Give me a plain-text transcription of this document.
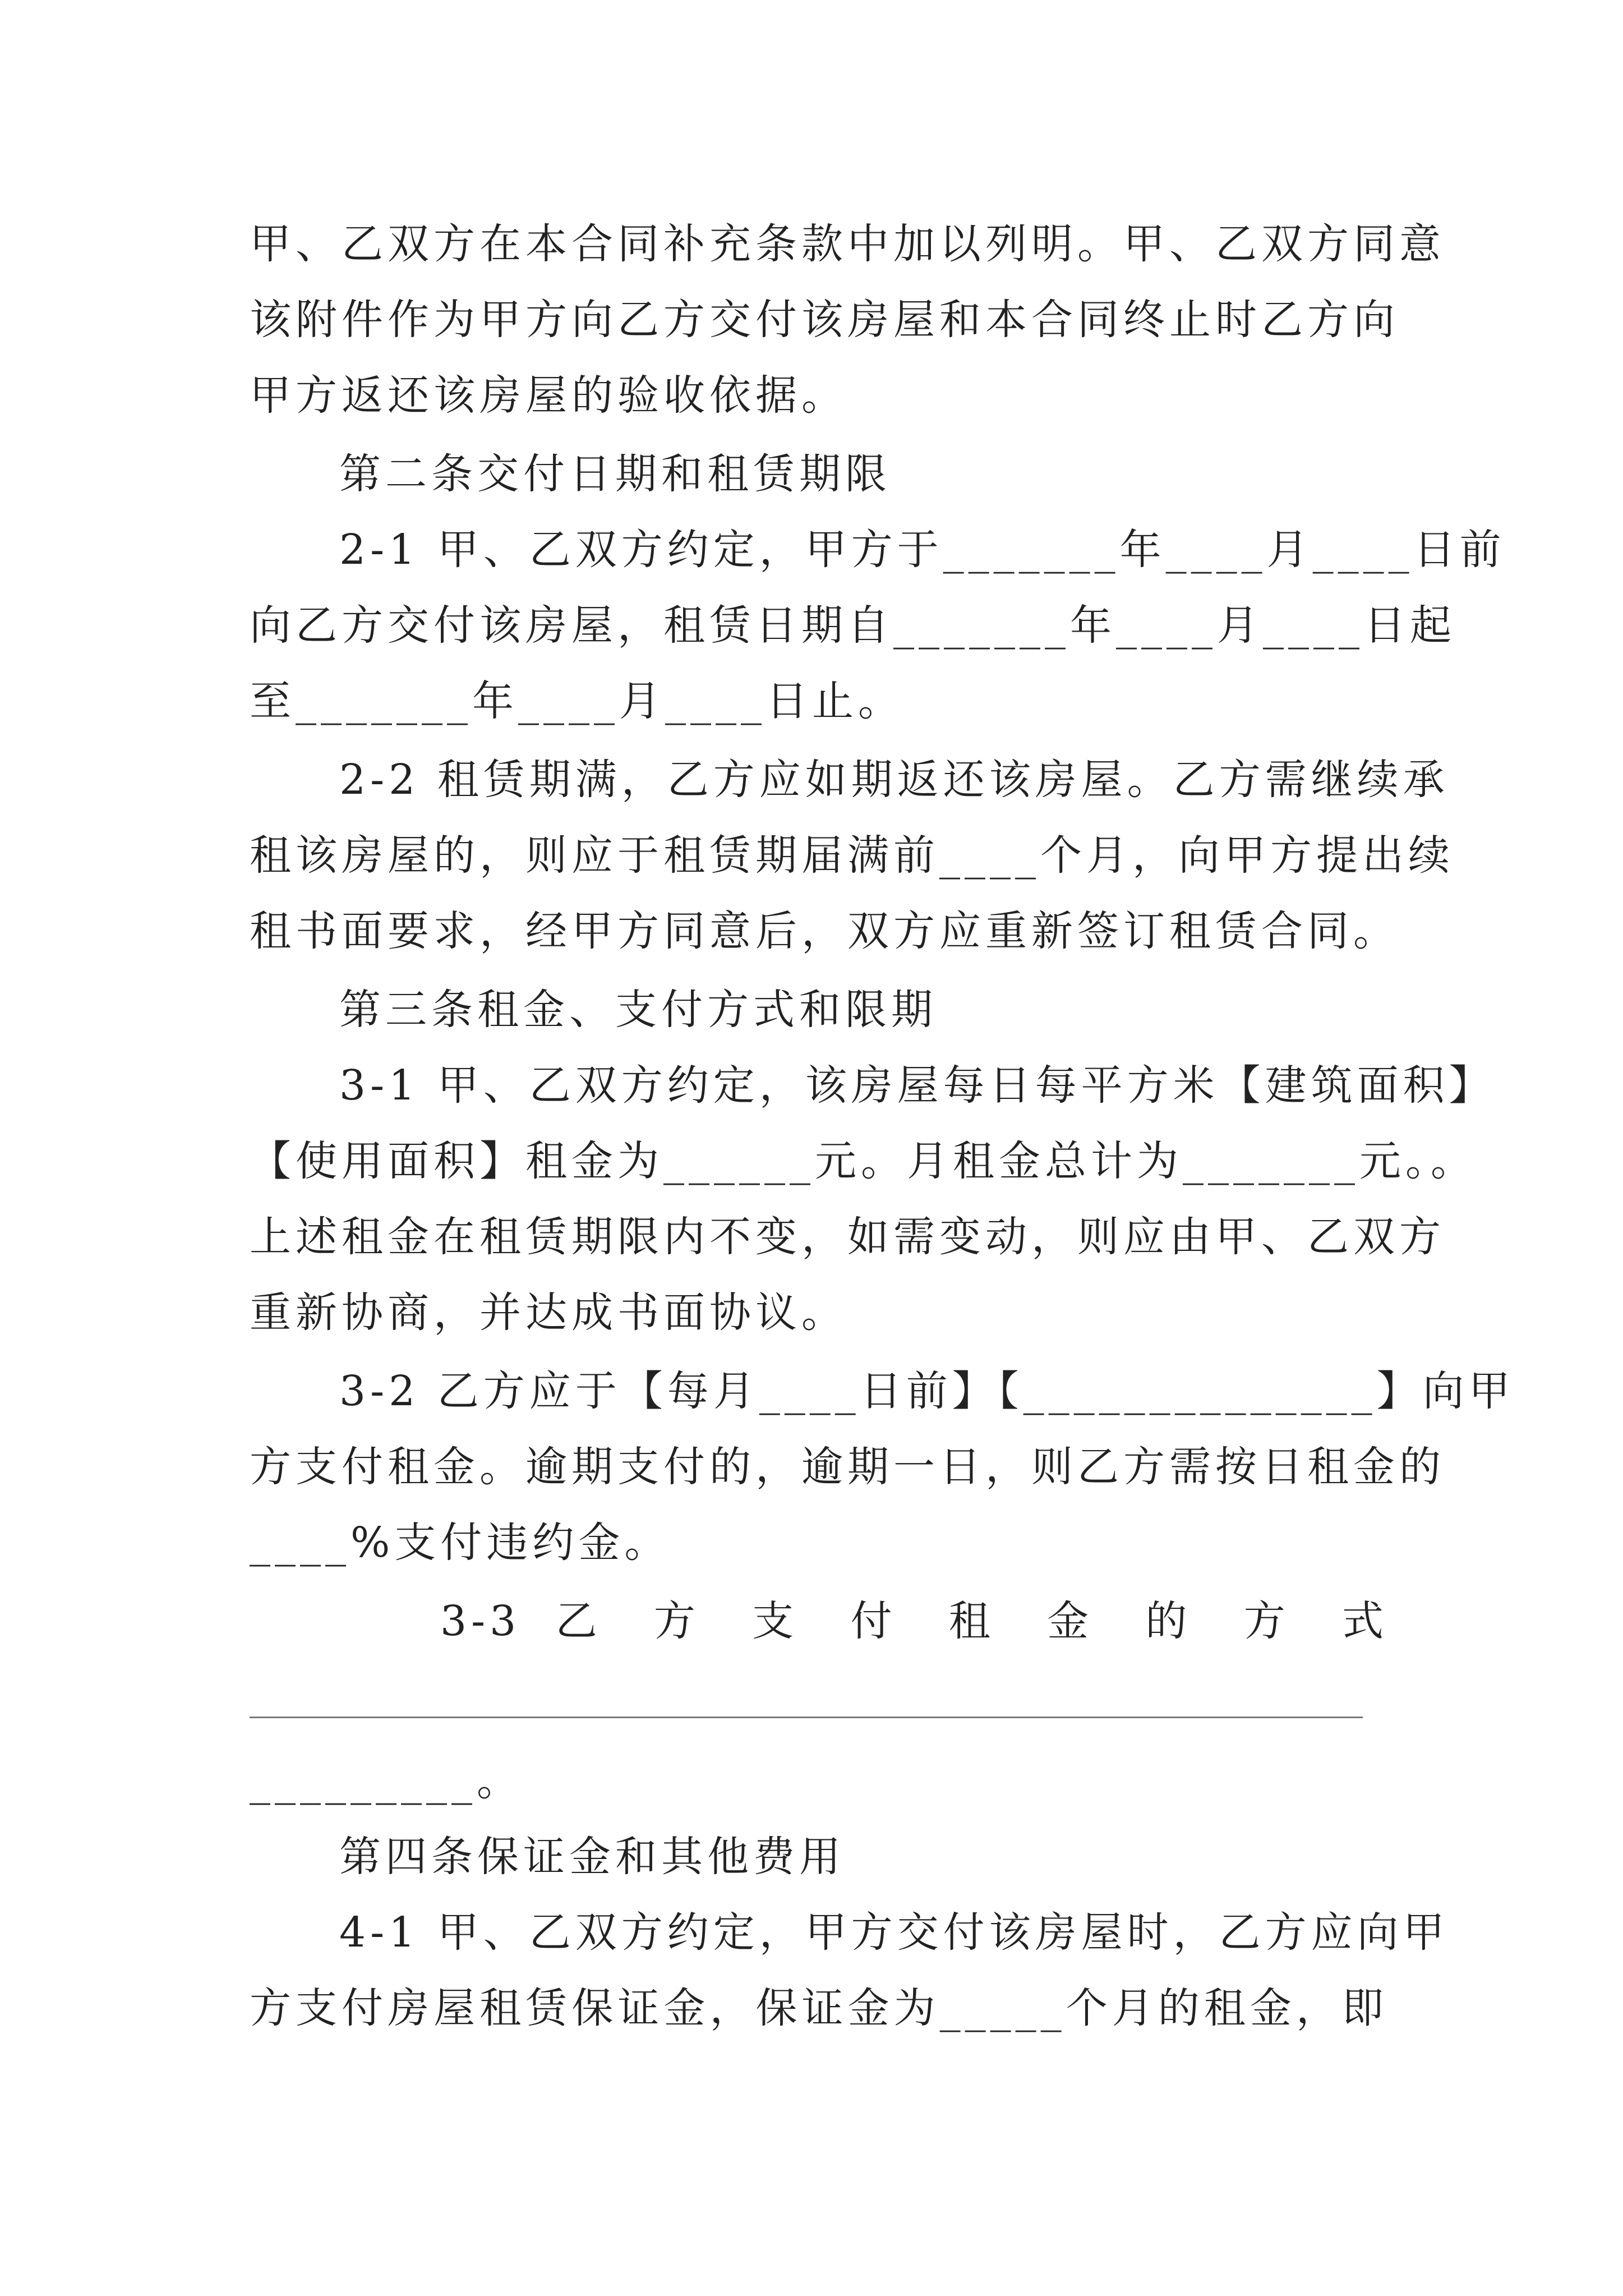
甲、乙双方在本合同补充条款中加以列明。甲、乙双方同意
该附件作为甲方向乙方交付该房屋和本合同终止时乙方向
甲方返还该房屋的验收依据。
第二条交付日期和租赁期限
2-1 甲、乙双方约定，甲方于_______年____月____日前
向乙方交付该房屋，租赁日期自_______年____月____日起
至_______年____月____日止。
2-2 租赁期满，乙方应如期返还该房屋。乙方需继续承
租该房屋的，则应于租赁期届满前____个月，向甲方提出续
租书面要求，经甲方同意后，双方应重新签订租赁合同。
第三条租金、支付方式和限期
3-1 甲、乙双方约定，该房屋每日每平方米【建筑面积】
【使用面积】租金为______元。月租金总计为_______元。。
上述租金在租赁期限内不变，如需变动，则应由甲、乙双方
重新协商，并达成书面协议。
3-2 乙方应于【每月____日前】【______________】向甲
方支付租金。逾期支付的，逾期一日，则乙方需按日租金的
____%支付违约金。
3-3 乙 方 支 付 租 金 的 方 式
_________。
第四条保证金和其他费用
4-1 甲、乙双方约定，甲方交付该房屋时，乙方应向甲
方支付房屋租赁保证金，保证金为_____个月的租金，即
